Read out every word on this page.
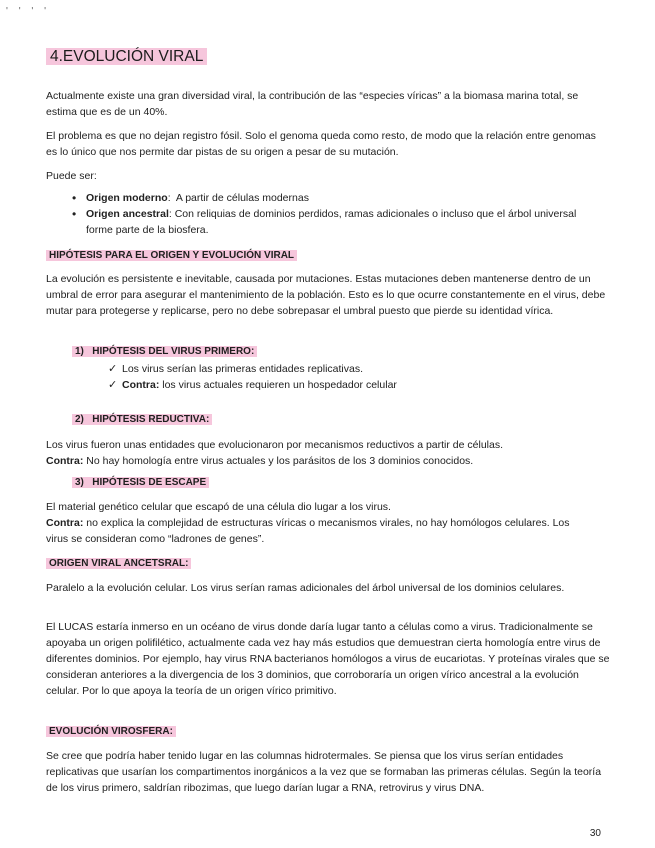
' ' ' '
4.EVOLUCIÓN VIRAL

Actualmente existe una gran diversidad viral, la contribución de las “especies víricas” a la biomasa marina total, se estima que es de un 40%.

El problema es que no dejan registro fósil. Solo el genoma queda como resto, de modo que la relación entre genomas es lo único que nos permite dar pistas de su origen a pesar de su mutación.

Puede ser:

• Origen moderno:  A partir de células modernas
• Origen ancestral: Con reliquias de dominios perdidos, ramas adicionales o incluso que el árbol universal forme parte de la biosfera.
HIPÓTESIS PARA EL ORIGEN Y EVOLUCIÓN VIRAL

La evolución es persistente e inevitable, causada por mutaciones. Estas mutaciones deben mantenerse dentro de un umbral de error para asegurar el mantenimiento de la población. Esto es lo que ocurre constantemente en el virus, debe mutar para protegerse y replicarse, pero no debe sobrepasar el umbral puesto que pierde su identidad vírica.

1)   HIPÓTESIS DEL VIRUS PRIMERO:
✓ Los virus serían las primeras entidades replicativas.
✓ Contra: los virus actuales requieren un hospedador celular
2)   HIPÓTESIS REDUCTIVA:

Los virus fueron unas entidades que evolucionaron por mecanismos reductivos a partir de células.

Contra: No hay homología entre virus actuales y los parásitos de los 3 dominios conocidos.

3)   HIPÓTESIS DE ESCAPE

El material genético celular que escapó de una célula dio lugar a los virus.

Contra: no explica la complejidad de estructuras víricas o mecanismos virales, no hay homólogos celulares. Los virus se consideran como “ladrones de genes”.

ORIGEN VIRAL ANCETSRAL:

Paralelo a la evolución celular. Los virus serían ramas adicionales del árbol universal de los dominios celulares.

El LUCAS estaría inmerso en un océano de virus donde daría lugar tanto a células como a virus. Tradicionalmente se apoyaba un origen polifilético, actualmente cada vez hay más estudios que demuestran cierta homología entre virus de diferentes dominios. Por ejemplo, hay virus RNA bacterianos homólogos a virus de eucariotas. Y proteínas virales que se consideran anteriores a la divergencia de los 3 dominios, que corroboraría un origen vírico ancestral a la evolución celular. Por lo que apoya la teoría de un origen vírico primitivo.

EVOLUCIÓN VIROSFERA:

Se cree que podría haber tenido lugar en las columnas hidrotermales. Se piensa que los virus serían entidades replicativas que usarían los compartimentos inorgánicos a la vez que se formaban las primeras células. Según la teoría de los virus primero, saldrían ribozimas, que luego darían lugar a RNA, retrovirus y virus DNA.

30
